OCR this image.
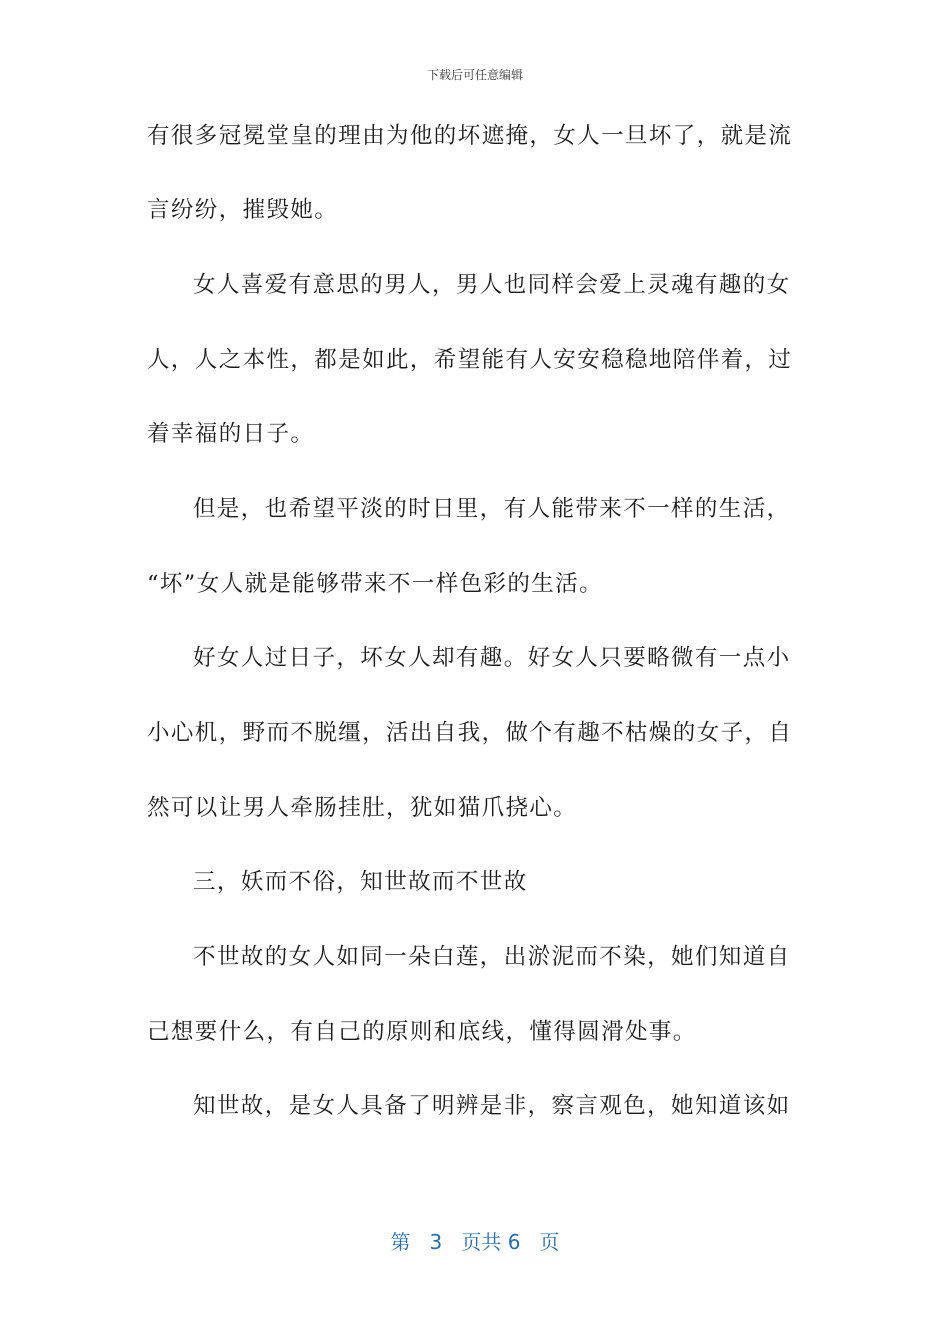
下载后可任意编辑
有很多冠冕堂皇的理由为他的坏遮掩，女人一旦坏了，就是流
言纷纷，摧毁她。
女人喜爱有意思的男人，男人也同样会爱上灵魂有趣的女
人，人之本性，都是如此，希望能有人安安稳稳地陪伴着，过
着幸福的日子。
但是，也希望平淡的时日里，有人能带来不一样的生活，
“坏”女人就是能够带来不一样色彩的生活。
好女人过日子，坏女人却有趣。好女人只要略微有一点小
小心机，野而不脱缰，活出自我，做个有趣不枯燥的女子，自
然可以让男人牵肠挂肚，犹如猫爪挠心。
三，妖而不俗，知世故而不世故
不世故的女人如同一朵白莲，出淤泥而不染，她们知道自
己想要什么，有自己的原则和底线，懂得圆滑处事。
知世故，是女人具备了明辨是非，察言观色，她知道该如
第 3 页共 6 页
